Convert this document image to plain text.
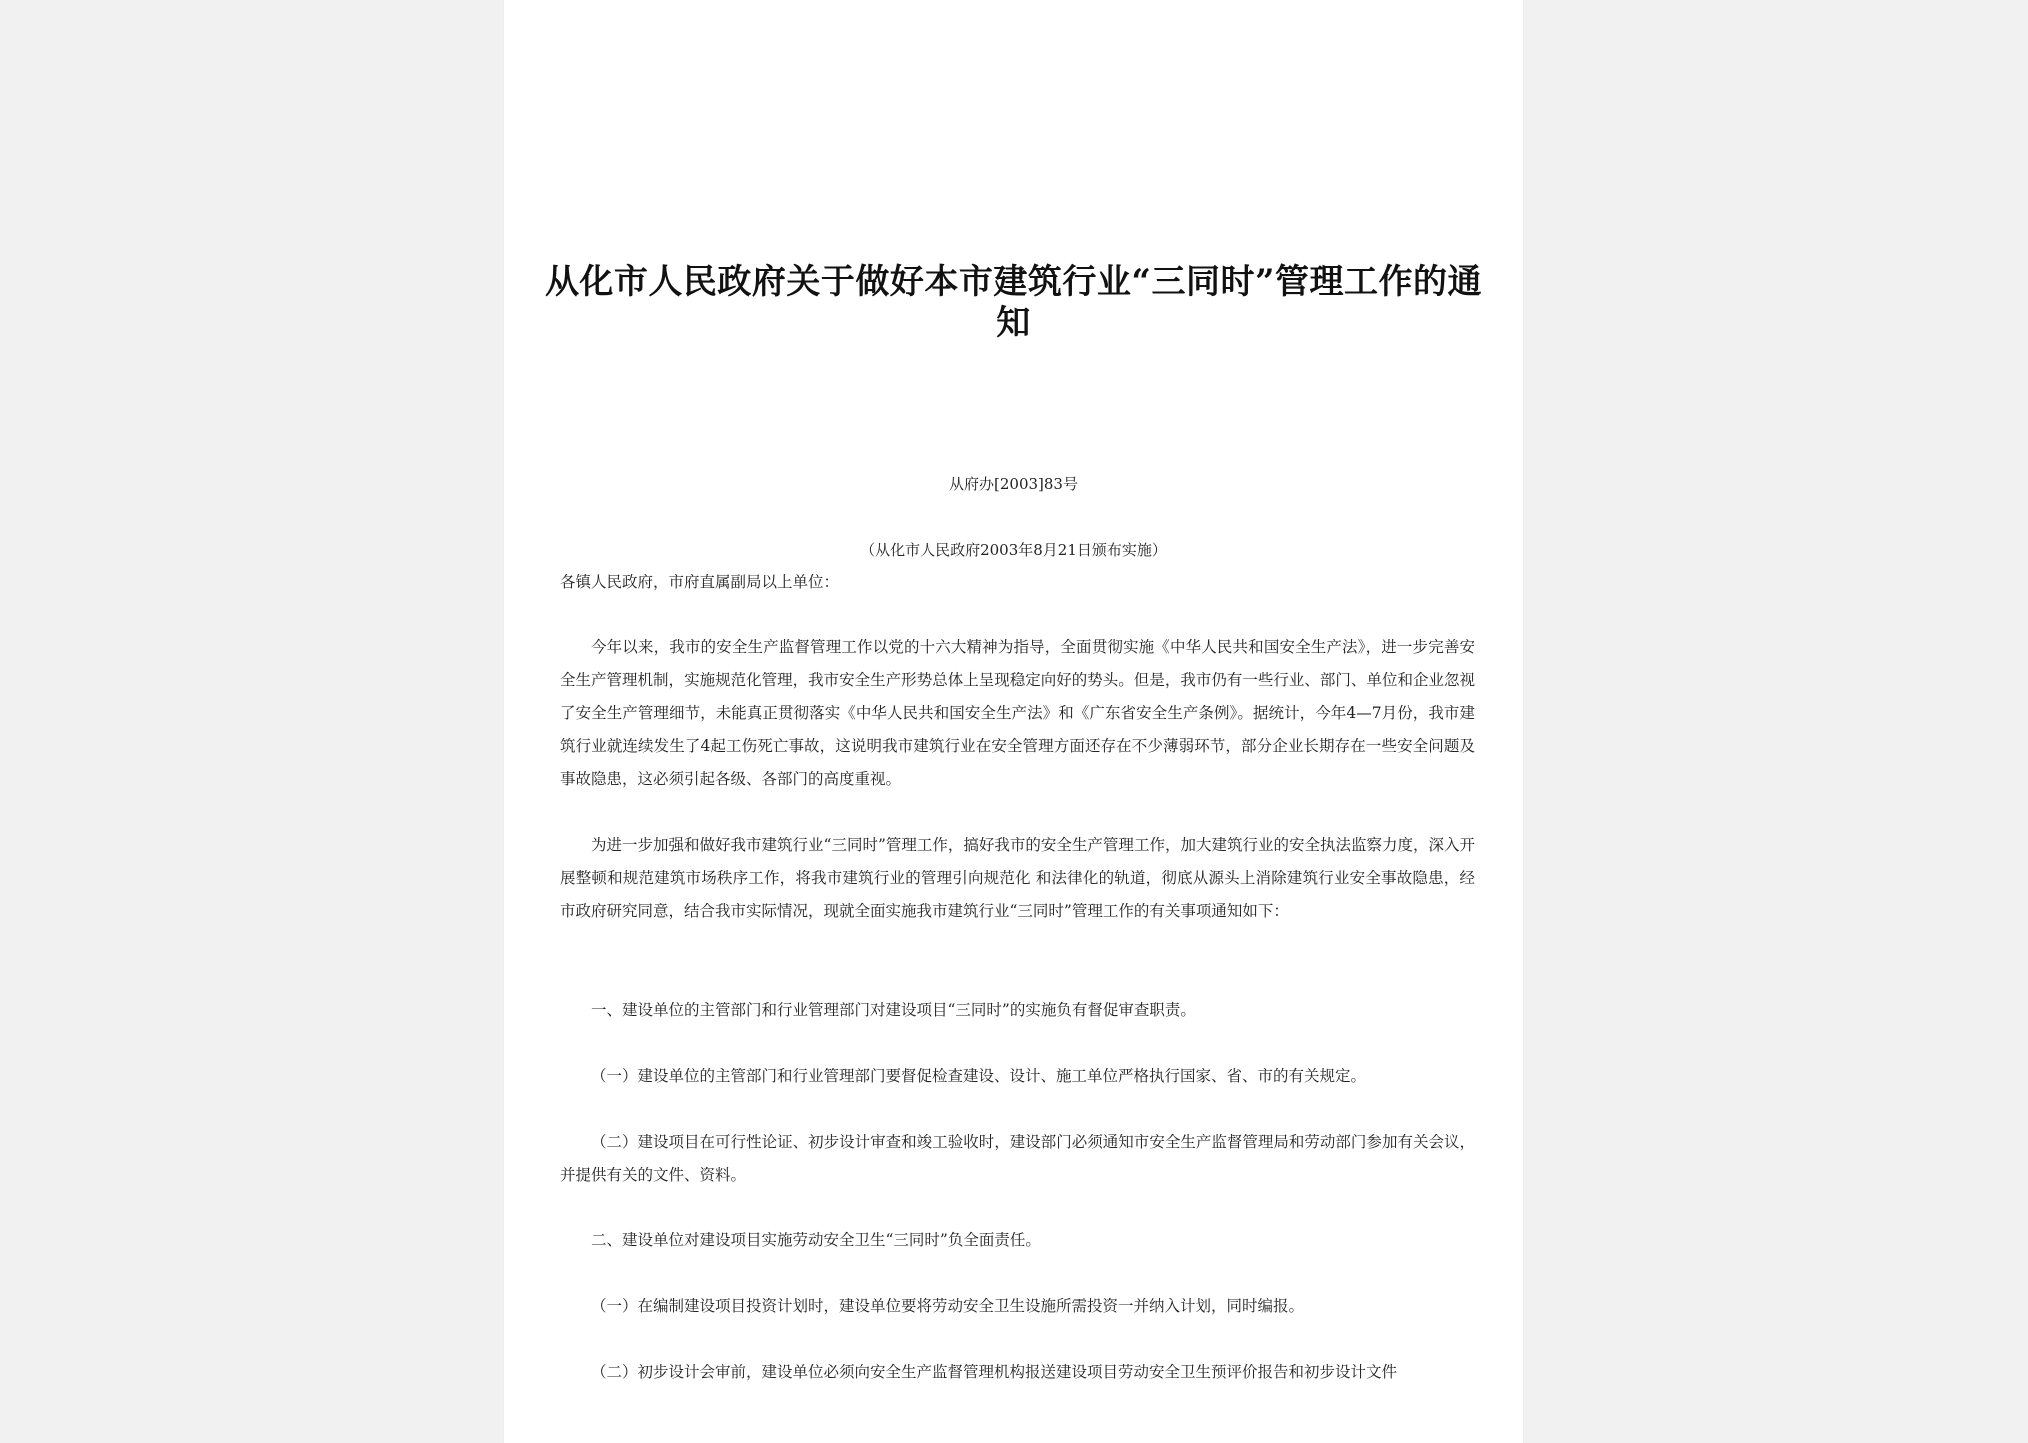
从化市人民政府关于做好本市建筑行业“三同时”管理工作的通知
从府办[2003]83号
（从化市人民政府2003年8月21日颁布实施）

各镇人民政府，市府直属副局以上单位：

今年以来，我市的安全生产监督管理工作以党的十六大精神为指导，全面贯彻实施《中华人民共和国安全生产法》，进一步完善安全生产管理机制，实施规范化管理，我市安全生产形势总体上呈现稳定向好的势头。但是，我市仍有一些行业、部门、单位和企业忽视了安全生产管理细节，未能真正贯彻落实《中华人民共和国安全生产法》和《广东省安全生产条例》。据统计，今年4—7月份，我市建筑行业就连续发生了4起工伤死亡事故，这说明我市建筑行业在安全管理方面还存在不少薄弱环节，部分企业长期存在一些安全问题及事故隐患，这必须引起各级、各部门的高度重视。

为进一步加强和做好我市建筑行业“三同时”管理工作，搞好我市的安全生产管理工作，加大建筑行业的安全执法监察力度，深入开展整顿和规范建筑市场秩序工作，将我市建筑行业的管理引向规范化 和法律化的轨道，彻底从源头上消除建筑行业安全事故隐患，经市政府研究同意，结合我市实际情况，现就全面实施我市建筑行业“三同时”管理工作的有关事项通知如下：

一、建设单位的主管部门和行业管理部门对建设项目“三同时”的实施负有督促审查职责。

（一）建设单位的主管部门和行业管理部门要督促检查建设、设计、施工单位严格执行国家、省、市的有关规定。

（二）建设项目在可行性论证、初步设计审查和竣工验收时，建设部门必须通知市安全生产监督管理局和劳动部门参加有关会议，并提供有关的文件、资料。

二、建设单位对建设项目实施劳动安全卫生“三同时”负全面责任。

（一）在编制建设项目投资计划时，建设单位要将劳动安全卫生设施所需投资一并纳入计划，同时编报。

（二）初步设计会审前，建设单位必须向安全生产监督管理机构报送建设项目劳动安全卫生预评价报告和初步设计文件
